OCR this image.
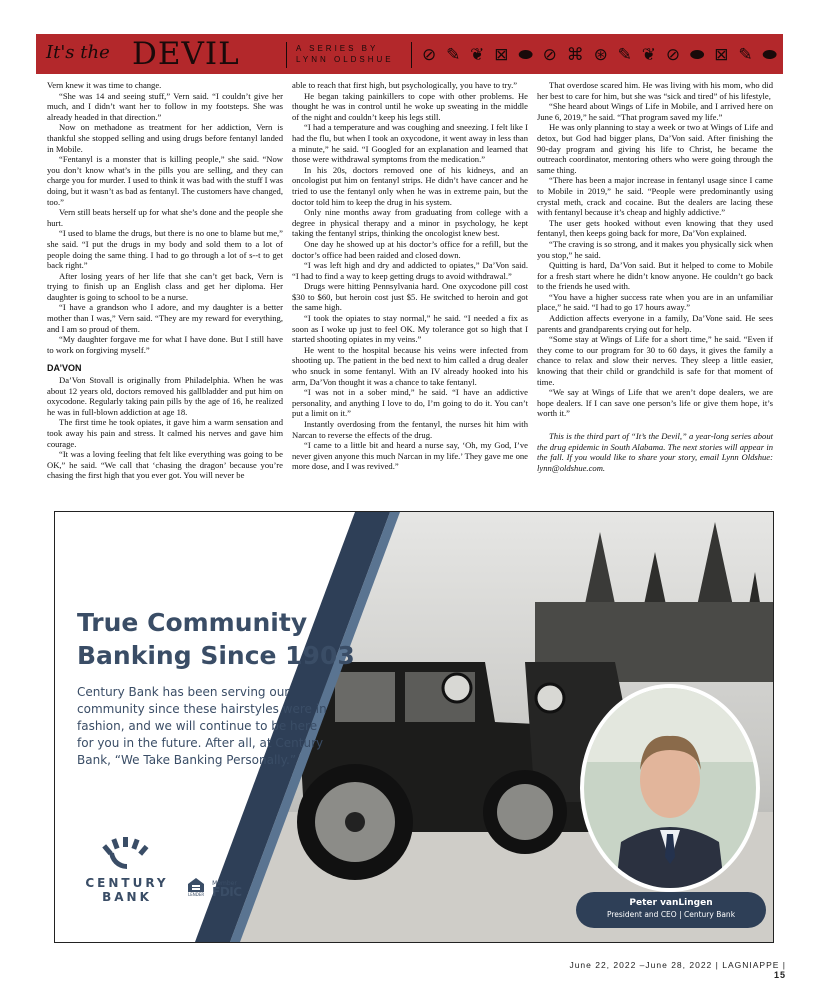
It's the DEVIL	A SERIES BY
LYNN OLDSHUE ⊘ ✎ ❦ ⊠ ⬬ ⊘ ⌘ ⊛ ✎ ❦ ⊘ ⬬ ⊠ ✎ ⬬

Vern knew it was time to change.

“She was 14 and seeing stuff,” Vern said. “I couldn’t give her much, and I didn’t want her to follow in my footsteps. She was already headed in that direction.”

Now on methadone as treatment for her addiction, Vern is thankful she stopped selling and using drugs before fentanyl landed in Mobile.

“Fentanyl is a monster that is killing people,” she said. “Now you don’t know what’s in the pills you are selling, and they can charge you for murder. I used to think it was bad with the stuff I was doing, but it wasn’t as bad as fentanyl. The customers have changed, too.”

Vern still beats herself up for what she’s done and the people she hurt.

“I used to blame the drugs, but there is no one to blame but me,” she said. “I put the drugs in my body and sold them to a lot of people doing the same thing. I had to go through a lot of s--t to get back right.”

After losing years of her life that she can’t get back, Vern is trying to finish up an English class and get her diploma. Her daughter is going to school to be a nurse.

“I have a grandson who I adore, and my daughter is a better mother than I was,” Vern said. “They are my reward for everything, and I am so proud of them.

“My daughter forgave me for what I have done. But I still have to work on forgiving myself.”

DA’VON

Da’Von Stovall is originally from Philadelphia. When he was about 12 years old, doctors removed his gallbladder and put him on oxycodone. Regularly taking pain pills by the age of 16, he realized he was in full-blown addiction at age 18.

The first time he took opiates, it gave him a warm sensation and took away his pain and stress. It calmed his nerves and gave him courage.

“It was a loving feeling that felt like everything was going to be OK,” he said. “We call that ‘chasing the dragon’ because you’re chasing the first high that you ever got. You will never be

able to reach that first high, but psychologically, you have to try.”

He began taking painkillers to cope with other problems. He thought he was in control until he woke up sweating in the middle of the night and couldn’t keep his legs still.

“I had a temperature and was coughing and sneezing. I felt like I had the flu, but when I took an oxycodone, it went away in less than a minute,” he said. “I Googled for an explanation and learned that those were withdrawal symptoms from the medication.”

In his 20s, doctors removed one of his kidneys, and an oncologist put him on fentanyl strips. He didn’t have cancer and he tried to use the fentanyl only when he was in extreme pain, but the doctor told him to keep the drug in his system.

Only nine months away from graduating from college with a degree in physical therapy and a minor in psychology, he kept taking the fentanyl strips, thinking the oncologist knew best.

One day he showed up at his doctor’s office for a refill, but the doctor’s office had been raided and closed down.

“I was left high and dry and addicted to opiates,” Da’Von said. “I had to find a way to keep getting drugs to avoid withdrawal.”

Drugs were hitting Pennsylvania hard. One oxycodone pill cost $30 to $60, but heroin cost just $5. He switched to heroin and got the same high.

“I took the opiates to stay normal,” he said. “I needed a fix as soon as I woke up just to feel OK. My tolerance got so high that I started shooting opiates in my veins.”

He went to the hospital because his veins were infected from shooting up. The patient in the bed next to him called a drug dealer who snuck in some fentanyl. With an IV already hooked into his arm, Da’Von thought it was a chance to take fentanyl.

“I was not in a sober mind,” he said. “I have an addictive personality, and anything I love to do, I’m going to do it. You can’t put a limit on it.”

Instantly overdosing from the fentanyl, the nurses hit him with Narcan to reverse the effects of the drug.

“I came to a little bit and heard a nurse say, ‘Oh, my God, I’ve never given anyone this much Narcan in my life.’ They gave me one more dose, and I was revived.”

That overdose scared him. He was living with his mom, who did her best to care for him, but she was “sick and tired” of his lifestyle,

“She heard about Wings of Life in Mobile, and I arrived here on June 6, 2019,” he said. “That program saved my life.”

He was only planning to stay a week or two at Wings of Life and detox, but God had bigger plans, Da’Von said. After finishing the 90-day program and giving his life to Christ, he became the outreach coordinator, mentoring others who were going through the same thing.

“There has been a major increase in fentanyl usage since I came to Mobile in 2019,” he said. “People were predominantly using crystal meth, crack and cocaine. But the dealers are lacing these with fentanyl because it’s cheap and highly addictive.”

The user gets hooked without even knowing that they used fentanyl, then keeps going back for more, Da’Von explained.

“The craving is so strong, and it makes you physically sick when you stop,” he said.

Quitting is hard, Da’Von said. But it helped to come to Mobile for a fresh start where he didn’t know anyone. He couldn’t go back to the friends he used with.

“You have a higher success rate when you are in an unfamiliar place,” he said. “I had to go 17 hours away.”

Addiction affects everyone in a family, Da’Vone said. He sees parents and grandparents crying out for help.

“Some stay at Wings of Life for a short time,” he said. “Even if they come to our program for 30 to 60 days, it gives the family a chance to relax and slow their nerves. They sleep a little easier, knowing that their child or grandchild is safe for that moment of time.

“We say at Wings of Life that we aren’t dope dealers, we are hope dealers. If I can save one person’s life or give them hope, it’s worth it.”

This is the third part of “It’s the Devil,” a year-long series about the drug epidemic in South Alabama. The next stories will appear in the fall. If you would like to share your story, email Lynn Oldshue: lynn@oldshue.com.

True Community Banking Since 1903
Century Bank has been serving our community since these hairstyles were in fashion, and we will continue to be here for you in the future. After all, at Century Bank, “We Take Banking Personally.”
CENTURY
BANK	LENDER
Member
FDIC
Peter vanLingen
President and CEO | Century Bank
June 22, 2022 –June 28, 2022 | LAGNIAPPE | 15
